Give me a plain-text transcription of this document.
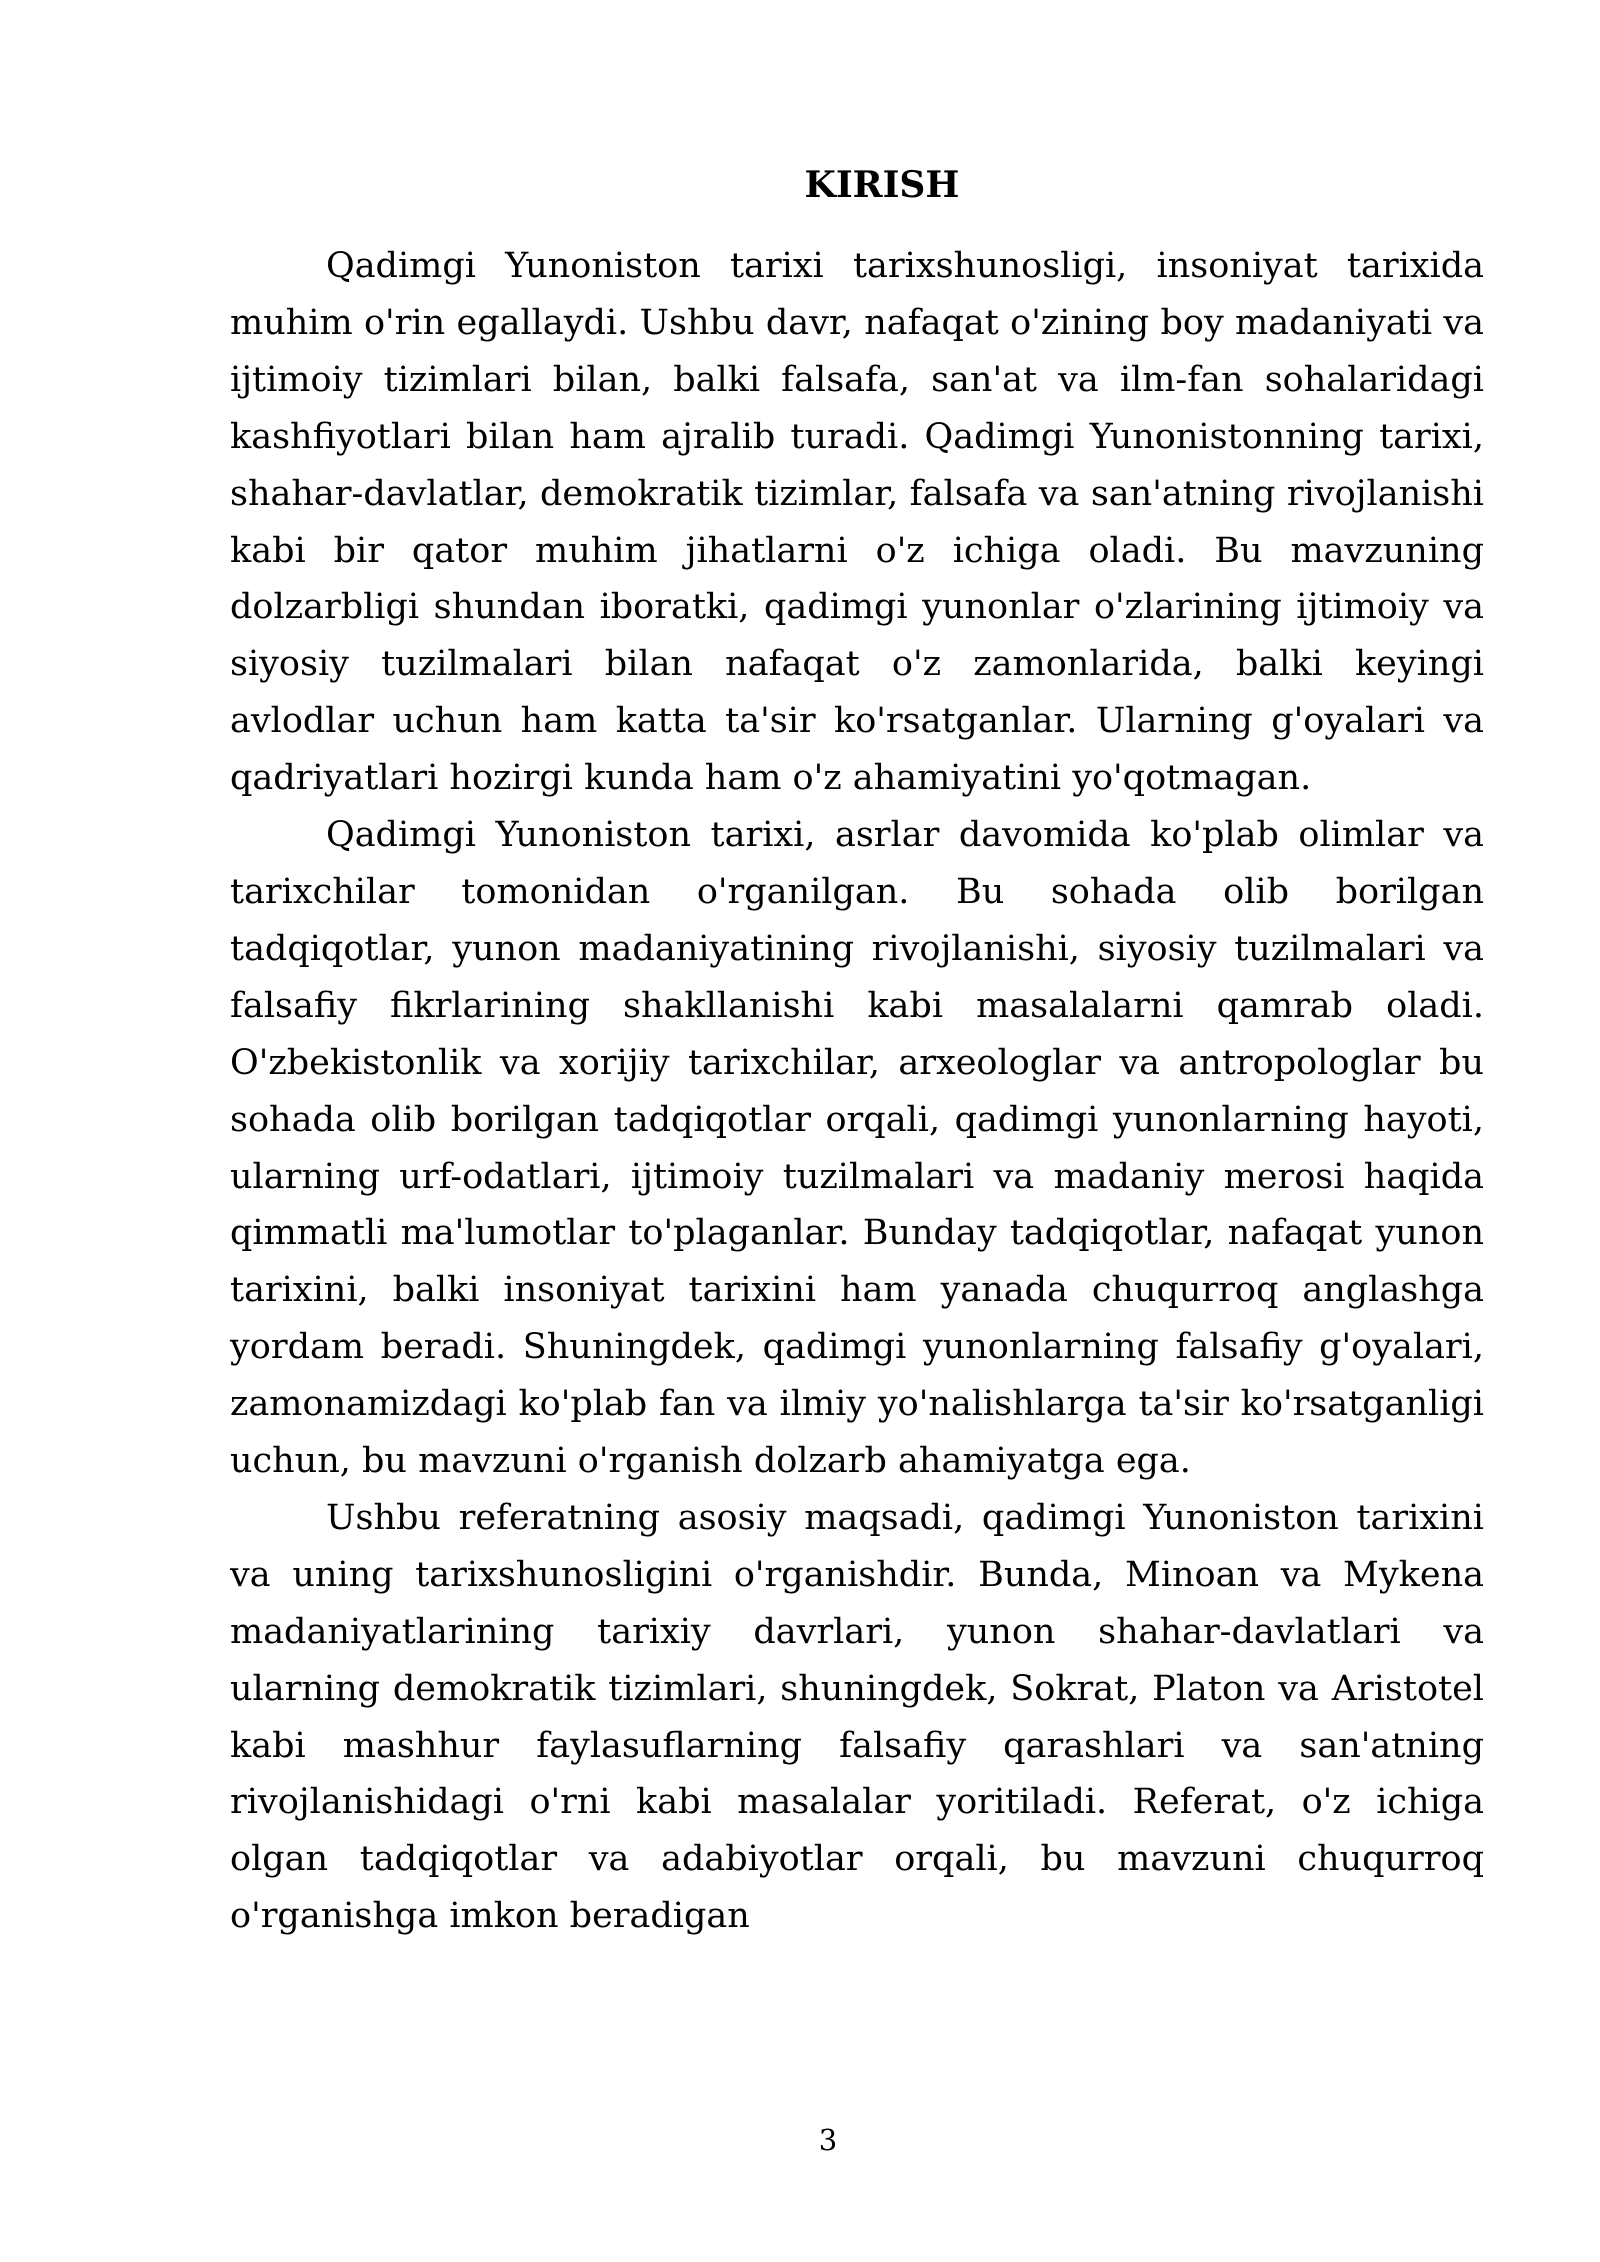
KIRISH

Qadimgi Yunoniston tarixi tarixshunosligi, insoniyat tarixida muhim o'rin egallaydi. Ushbu davr, nafaqat o'zining boy madaniyati va ijtimoiy tizimlari bilan, balki falsafa, san'at va ilm-fan sohalaridagi kashfiyotlari bilan ham ajralib turadi. Qadimgi Yunonistonning tarixi, shahar-davlatlar, demokratik tizimlar, falsafa va san'atning rivojlanishi kabi bir qator muhim jihatlarni o'z ichiga oladi. Bu mavzuning dolzarbligi shundan iboratki, qadimgi yunonlar o'zlarining ijtimoiy va siyosiy tuzilmalari bilan nafaqat o'z zamonlarida, balki keyingi avlodlar uchun ham katta ta'sir ko'rsatganlar. Ularning g'oyalari va qadriyatlari hozirgi kunda ham o'z ahamiyatini yo'qotmagan.

Qadimgi Yunoniston tarixi, asrlar davomida ko'plab olimlar va tarixchilar tomonidan o'rganilgan. Bu sohada olib borilgan tadqiqotlar, yunon madaniyatining rivojlanishi, siyosiy tuzilmalari va falsafiy fikrlarining shakllanishi kabi masalalarni qamrab oladi. O'zbekistonlik va xorijiy tarixchilar, arxeologlar va antropologlar bu sohada olib borilgan tadqiqotlar orqali, qadimgi yunonlarning hayoti, ularning urf-odatlari, ijtimoiy tuzilmalari va madaniy merosi haqida qimmatli ma'lumotlar to'plaganlar. Bunday tadqiqotlar, nafaqat yunon tarixini, balki insoniyat tarixini ham yanada chuqurroq anglashga yordam beradi. Shuningdek, qadimgi yunonlarning falsafiy g'oyalari, zamonamizdagi ko'plab fan va ilmiy yo'nalishlarga ta'sir ko'rsatganligi uchun, bu mavzuni o'rganish dolzarb ahamiyatga ega.

Ushbu referatning asosiy maqsadi, qadimgi Yunoniston tarixini va uning tarixshunosligini o'rganishdir. Bunda, Minoan va Mykena madaniyatlarining tarixiy davrlari, yunon shahar-davlatlari va ularning demokratik tizimlari, shuningdek, Sokrat, Platon va Aristotel kabi mashhur faylasuflarning falsafiy qarashlari va san'atning rivojlanishidagi o'rni kabi masalalar yoritiladi. Referat, o'z ichiga olgan tadqiqotlar va adabiyotlar orqali, bu mavzuni chuqurroq o'rganishga imkon beradigan

3
